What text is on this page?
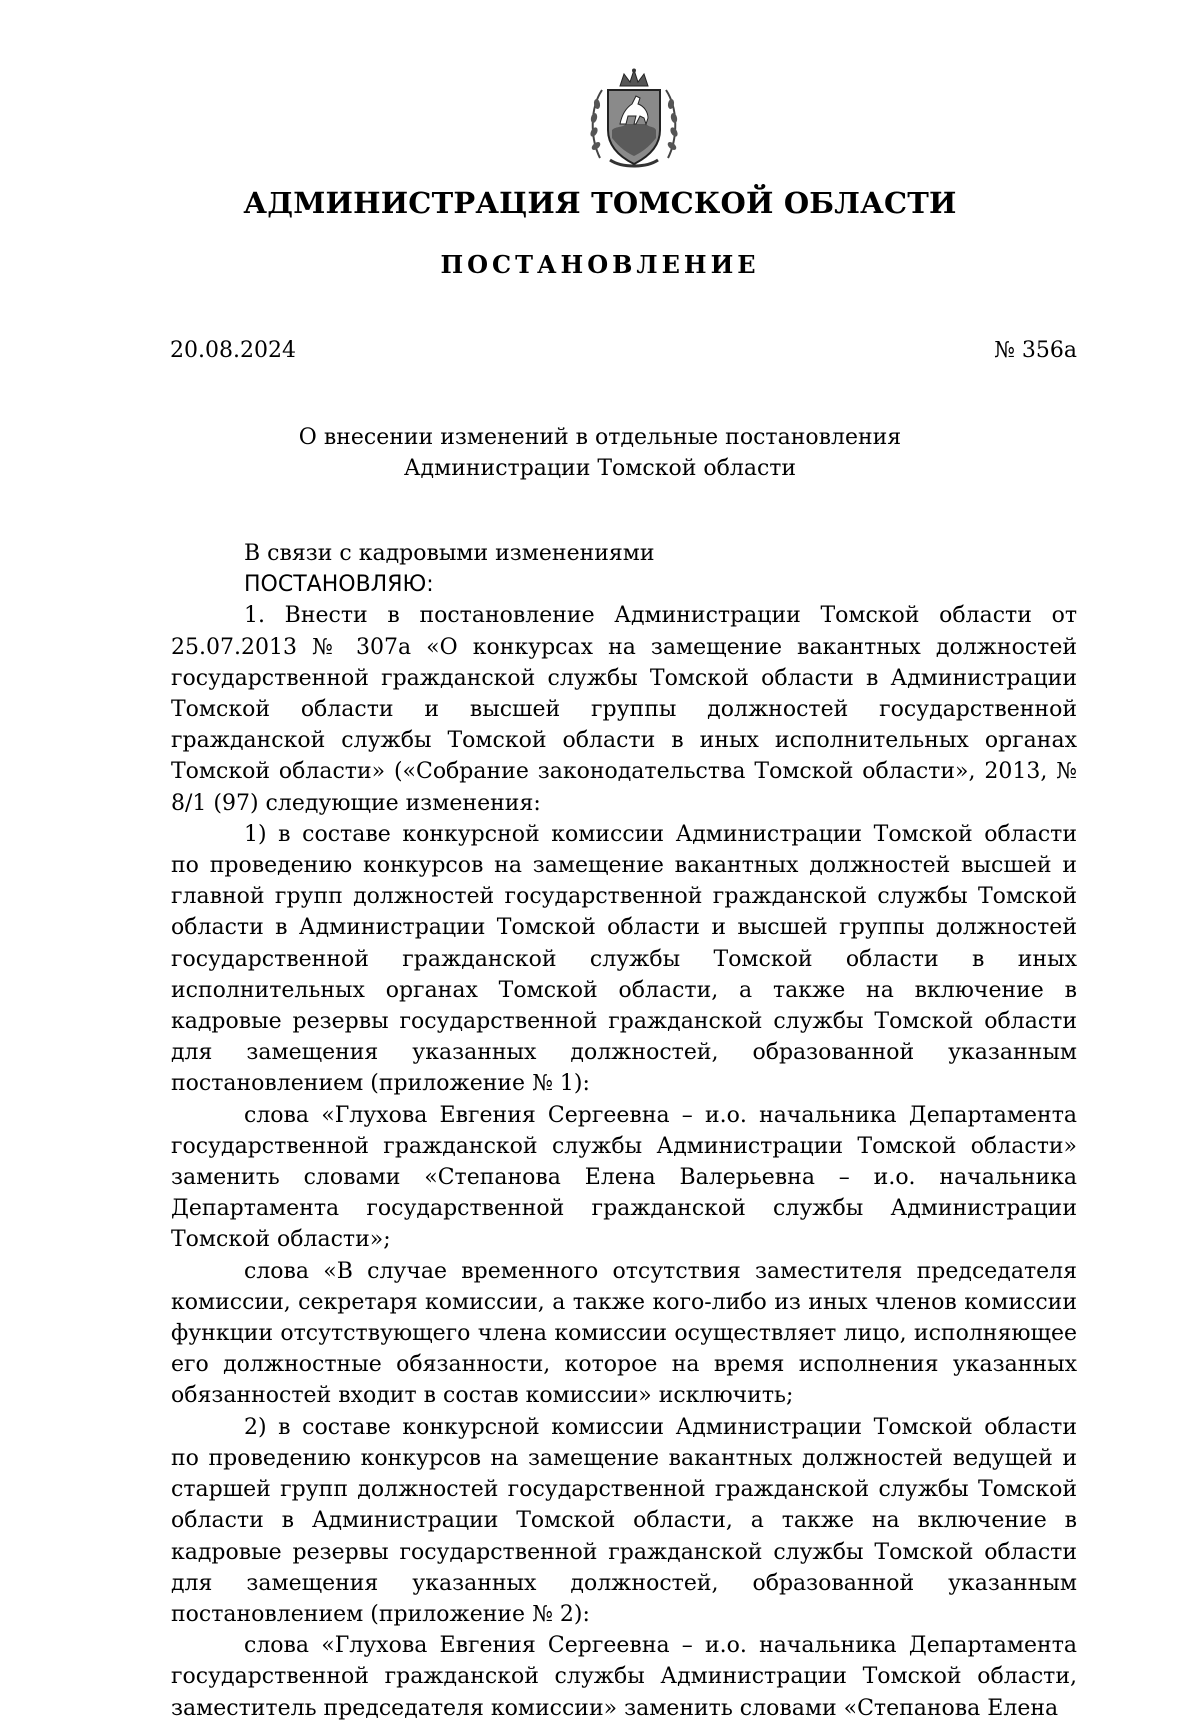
АДМИНИСТРАЦИЯ ТОМСКОЙ ОБЛАСТИ
ПОСТАНОВЛЕНИЕ
20.08.2024	№ 356а
О внесении изменений в отдельные постановления
Администрации Томской области

В связи с кадровыми изменениями

ПОСТАНОВЛЯЮ:

1. Внести в постановление Администрации Томской области от 25.07.2013 № 307а «О конкурсах на замещение вакантных должностей государственной гражданской службы Томской области в Администрации Томской области и высшей группы должностей государственной гражданской службы Томской области в иных исполнительных органах Томской области» («Собрание законодательства Томской области», 2013, № 8/1 (97) следующие изменения:

1) в составе конкурсной комиссии Администрации Томской области по проведению конкурсов на замещение вакантных должностей высшей и главной групп должностей государственной гражданской службы Томской области в Администрации Томской области и высшей группы должностей государственной гражданской службы Томской области в иных исполнительных органах Томской области, а также на включение в кадровые резервы государственной гражданской службы Томской области для замещения указанных должностей, образованной указанным постановлением (приложение № 1):

слова «Глухова Евгения Сергеевна – и.о. начальника Департамента государственной гражданской службы Администрации Томской области» заменить словами «Степанова Елена Валерьевна – и.о. начальника Департамента государственной гражданской службы Администрации Томской области»;

слова «В случае временного отсутствия заместителя председателя комиссии, секретаря комиссии, а также кого-либо из иных членов комиссии функции отсутствующего члена комиссии осуществляет лицо, исполняющее его должностные обязанности, которое на время исполнения указанных обязанностей входит в состав комиссии» исключить;

2) в составе конкурсной комиссии Администрации Томской области по проведению конкурсов на замещение вакантных должностей ведущей и старшей групп должностей государственной гражданской службы Томской области в Администрации Томской области, а также на включение в кадровые резервы государственной гражданской службы Томской области для замещения указанных должностей, образованной указанным постановлением (приложение № 2):

слова «Глухова Евгения Сергеевна – и.о. начальника Департамента государственной гражданской службы Администрации Томской области, заместитель председателя комиссии» заменить словами «Степанова Елена
